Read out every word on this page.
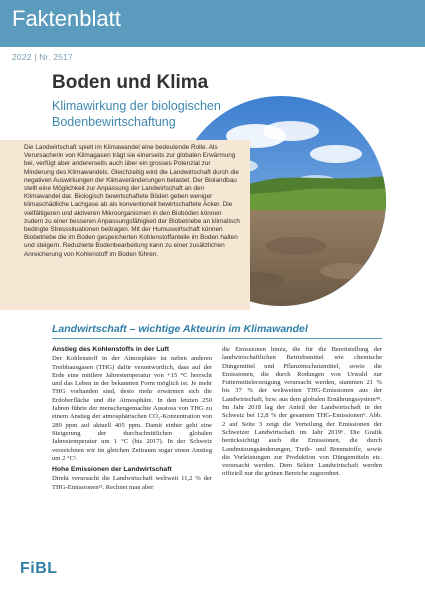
Faktenblatt
2022 | Nr. 2517
Boden und Klima
Klimawirkung der biologischen Bodenbewirtschaftung

Die Landwirtschaft spielt im Klimawandel eine bedeutende Rolle. Als Verursacherin von Klimagasen trägt sie einerseits zur globalen Erwärmung bei, verfügt aber andererseits auch über ein grosses Potenzial zur Minderung des Klimawandels. Gleichzeitig wird die Landwirtschaft durch die negativen Auswirkungen der Klimaveränderungen belastet. Der Biolandbau stellt eine Möglichkeit zur Anpassung der Landwirtschaft an den Klimawandel dar. Biologisch bewirtschaftete Böden geben weniger klimaschädliche Lachgase ab als konventionell bewirtschaftete Äcker. Die vielfältigeren und aktiveren Mikroorganismen in den Bioböden können zudem zu einer besseren Anpassungsfähigkeit der Biobetriebe an klimatisch bedingte Stresssituationen beitragen. Mit der Humuswirtschaft können Biobetriebe die im Boden gespeicherten Kohlenstoffanteile im Boden halten und steigern. Reduzierte Bodenbearbeitung kann zu einer zusätzlichen Anreicherung von Kohlenstoff im Boden führen.

Landwirtschaft – wichtige Akteurin im Klimawandel
Anstieg des Kohlenstoffs in der Luft

Der Kohlenstoff in der Atmosphäre ist neben anderen Treibhausgasen (THG) dafür verantwortlich, dass auf der Erde eine mittlere Jahrestemperatur von +15 °C herrscht und das Leben in der bekannten Form möglich ist. Je mehr THG vorhanden sind, desto mehr erwärmen sich die Erdoberfläche und die Atmosphäre. In den letzten 250 Jahren führte der menschengemachte Ausstoss von THG zu einem Anstieg der atmosphärischen CO₂-Konzentration von 280 ppm auf aktuell 405 ppm. Damit einher geht eine Steigerung der durchschnittlichen globalen Jahrestemperatur um 1 °C (bis 2017). In der Schweiz verzeichnen wir im gleichen Zeitraum sogar einen Anstieg um 2 °C¹.

Hohe Emissionen der Landwirtschaft

Direkt verursacht die Landwirtschaft weltweit 11,2 % der THG-Emissionen²³. Rechnet man aber

die Emissionen hinzu, die für die Bereitstellung der landwirtschaftlichen Betriebsmittel wie chemische Düngemittel und Pflanzenschutzmittel, sowie die Emissionen, die durch Rodungen von Urwald zur Futtermittelerzeugung verursacht werden, stammen 21 % bis 37 % der weltweiten THG-Emissionen aus der Landwirtschaft, bzw. aus dem globalen Ernährungssystem⁴⁵. Im Jahr 2018 lag der Anteil der Landwirtschaft in der Schweiz bei 12,8 % der gesamten THG-Emissionen⁶. Abb. 2 auf Seite 3 zeigt die Verteilung der Emissionen der Schweizer Landwirtschaft im Jahr 2019⁶. Die Grafik berücksichtigt auch die Emissionen, die durch Landnutzungsänderungen, Treib- und Brennstoffe, sowie die Vorleistungen zur Produktion von Düngemitteln etc. verursacht werden. Dem Sektor Landwirtschaft werden offiziell nur die grünen Bereiche zugeordnet.

FiBL
